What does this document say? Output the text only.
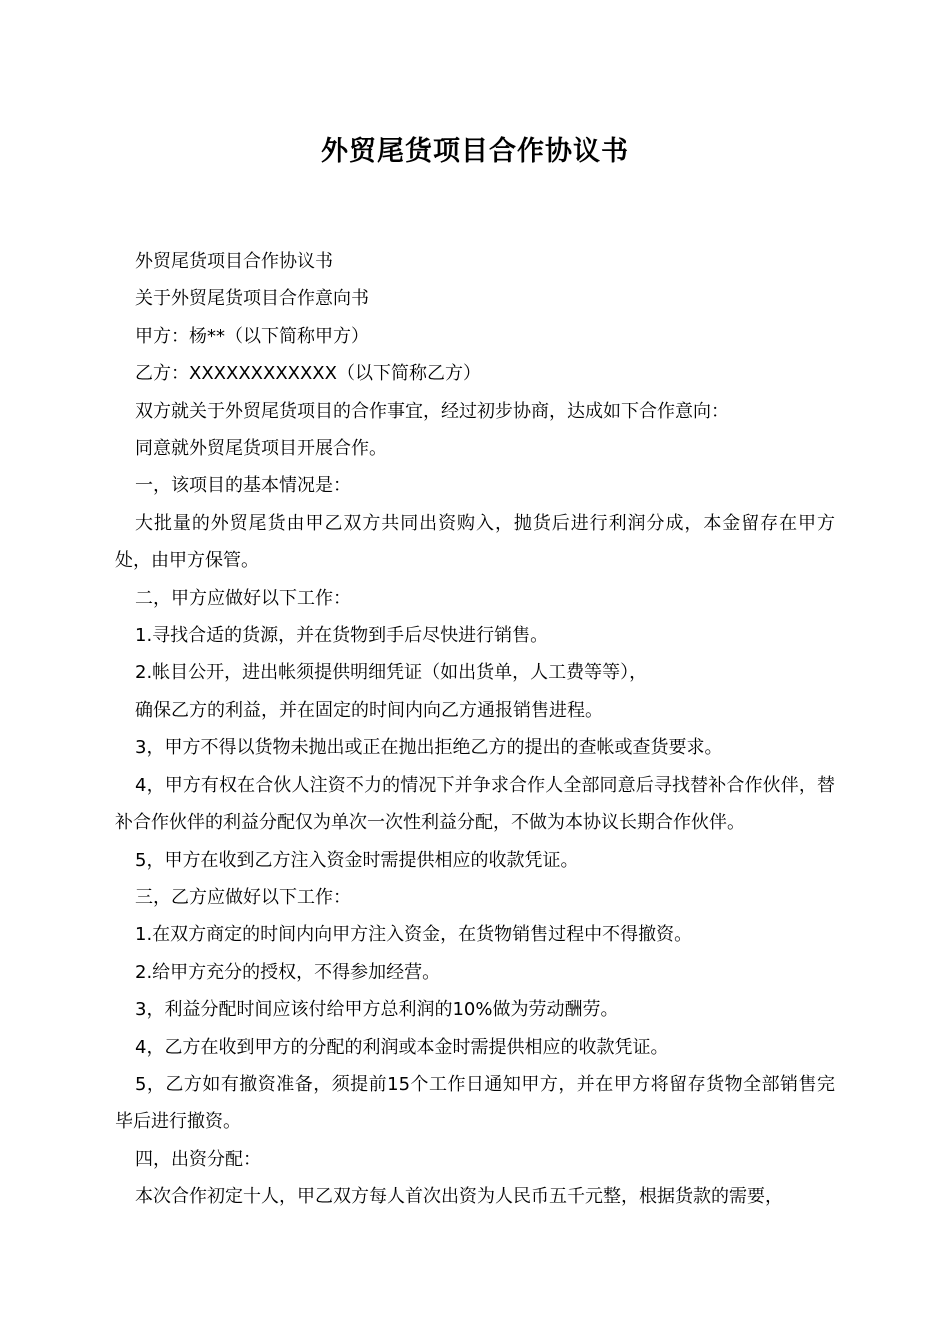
外贸尾货项目合作协议书

外贸尾货项目合作协议书

关于外贸尾货项目合作意向书

甲方：杨**（以下简称甲方）

乙方：XXXXXXXXXXXX（以下简称乙方）

双方就关于外贸尾货项目的合作事宜，经过初步协商，达成如下合作意向：

同意就外贸尾货项目开展合作。

一，该项目的基本情况是：

大批量的外贸尾货由甲乙双方共同出资购入，抛货后进行利润分成，本金留存在甲方处，由甲方保管。

二，甲方应做好以下工作：

1.寻找合适的货源，并在货物到手后尽快进行销售。

2.帐目公开，进出帐须提供明细凭证（如出货单，人工费等等），

确保乙方的利益，并在固定的时间内向乙方通报销售进程。

3，甲方不得以货物未抛出或正在抛出拒绝乙方的提出的查帐或查货要求。

4，甲方有权在合伙人注资不力的情况下并争求合作人全部同意后寻找替补合作伙伴，替补合作伙伴的利益分配仅为单次一次性利益分配，不做为本协议长期合作伙伴。

5，甲方在收到乙方注入资金时需提供相应的收款凭证。

三，乙方应做好以下工作：

1.在双方商定的时间内向甲方注入资金，在货物销售过程中不得撤资。

2.给甲方充分的授权，不得参加经营。

3，利益分配时间应该付给甲方总利润的10%做为劳动酬劳。

4，乙方在收到甲方的分配的利润或本金时需提供相应的收款凭证。

5，乙方如有撤资准备，须提前15个工作日通知甲方，并在甲方将留存货物全部销售完毕后进行撤资。

四，出资分配：

本次合作初定十人，甲乙双方每人首次出资为人民币五千元整，根据货款的需要，
